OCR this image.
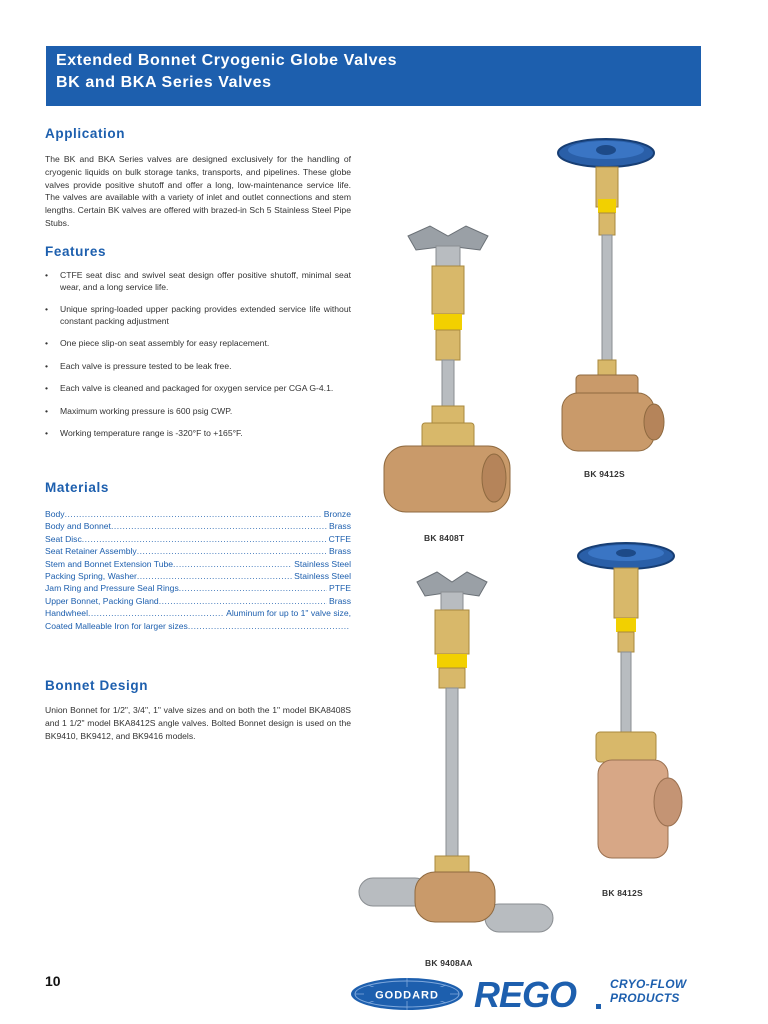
Extended Bonnet Cryogenic Globe Valves
BK and BKA Series Valves
Application

The BK and BKA Series valves are designed exclusively for the handling of cryogenic liquids on bulk storage tanks, transports, and pipelines. These globe valves provide positive shutoff and offer a long, low-maintenance service life. The valves are available with a variety of inlet and outlet connections and stem lengths. Certain BK valves are offered with brazed-in Sch 5 Stainless Steel Pipe Stubs.

Features
• CTFE seat disc and swivel seat design offer positive shutoff, minimal seat wear, and a long service life.
• Unique spring-loaded upper packing provides extended service life without constant packing adjustment
• One piece slip-on seat assembly for easy replacement.
• Each valve is pressure tested to be leak free.
• Each valve is cleaned and packaged for oxygen service per CGA G-4.1.
• Maximum working pressure is 600 psig CWP.
• Working temperature range is -320°F to +165°F.
Materials
Body .....	Bronze
Body and Bonnet .....	Brass
Seat Disc .....	CTFE
Seat Retainer Assembly .....	Brass
Stem and Bonnet Extension Tube .....	Stainless Steel
Packing Spring, Washer .....	Stainless Steel
Jam Ring and Pressure Seal Rings .....	PTFE
Upper Bonnet, Packing Gland .....	Brass
Handwheel .....	Aluminum for up to 1" valve size,
Coated Malleable Iron for larger sizes
.....
Bonnet Design

Union Bonnet for 1/2", 3/4", 1" valve sizes and on both the 1" model BKA8408S and 1 1/2" model BKA8412S angle valves. Bolted Bonnet design is used on the BK9410, BK9412, and BK9416 models.

BK 9412S
BK 8408T
BK 8412S
BK 9408AA
10
GODDARD REGO	CRYO-FLOW
PRODUCTS
